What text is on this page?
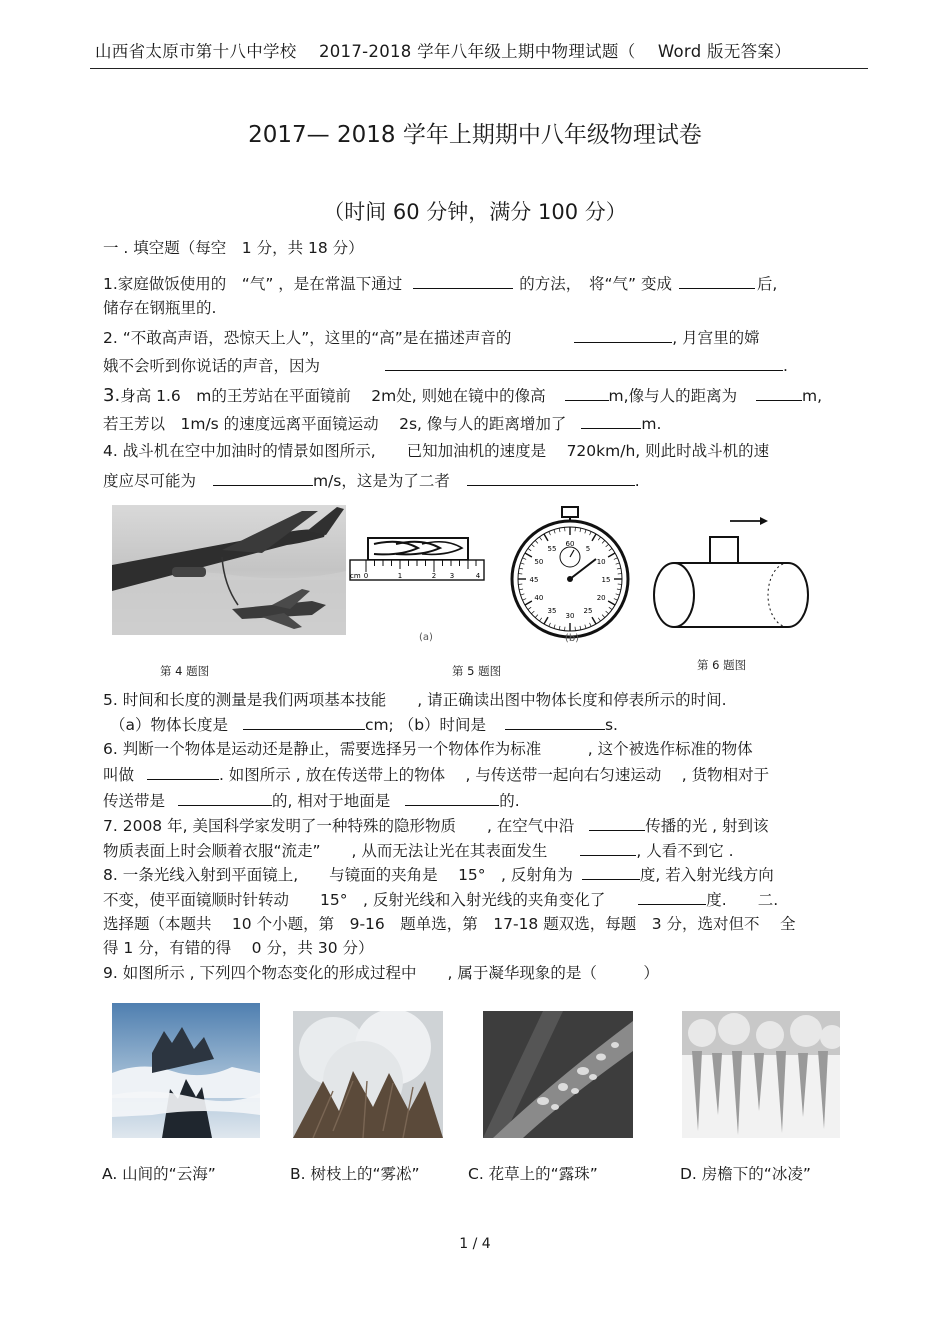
山西省太原市第十八中学校　 2017-2018 学年八年级上期中物理试题（　 Word 版无答案）
2017— 2018 学年上期期中八年级物理试卷
（时间 60 分钟，满分 100 分）
一 . 填空题（每空　1 分，共 18 分）
1.家庭做饭使用的　“气” ，是在常温下通过	的方法，　将“气” 变成	后,
储存在钢瓶里的.
2. “不敢高声语，恐惊天上人”，这里的“高”是在描述声音的	, 月宫里的嫦
娥不会听到你说话的声音，因为	.
3.身高 1.6　m的王芳站在平面镜前　 2m处, 则她在镜中的像高	m,像与人的距离为	m,
若王芳以　1m/s 的速度远离平面镜运动　 2s, 像与人的距离增加了	m.
4. 战斗机在空中加油时的情景如图所示,　　已知加油机的速度是　 720km/h, 则此时战斗机的速
度应尽可能为	m/s，这是为了二者	.
cm 0	1	2 3	4
(a)
60
5
10
15
20
25
30
35
40
45
50
55
(b)
第 4 题图	第 5 题图	第 6 题图
5. 时间和长度的测量是我们两项基本技能　　, 请正确读出图中物体长度和停表所示的时间.
（a）物体长度是	cm; （b）时间是	s.
6. 判断一个物体是运动还是静止，需要选择另一个物体作为标准　　　, 这个被选作标准的物体
叫做	. 如图所示 , 放在传送带上的物体　 , 与传送带一起向右匀速运动　 , 货物相对于
传送带是	的, 相对于地面是	的.
7. 2008 年, 美国科学家发明了一种特殊的隐形物质　　, 在空气中沿	传播的光 , 射到该
物质表面上时会顺着衣服“流走”　　, 从而无法让光在其表面发生	, 人看不到它 .
8. 一条光线入射到平面镜上,　　与镜面的夹角是　 15°　, 反射角为	度, 若入射光线方向
不变，使平面镜顺时针转动　　15°　, 反射光线和入射光线的夹角变化了	度.　　二.
选择题（本题共　 10 个小题，第　9-16　题单选，第　17-18 题双选，每题　3 分，选对但不　 全
得 1 分，有错的得　 0 分，共 30 分）
9. 如图所示 , 下列四个物态变化的形成过程中　　, 属于凝华现象的是（　　　）
A. 山间的“云海”	B. 树枝上的“雾凇”	C. 花草上的“露珠”	D. 房檐下的“冰凌”
1 / 4
